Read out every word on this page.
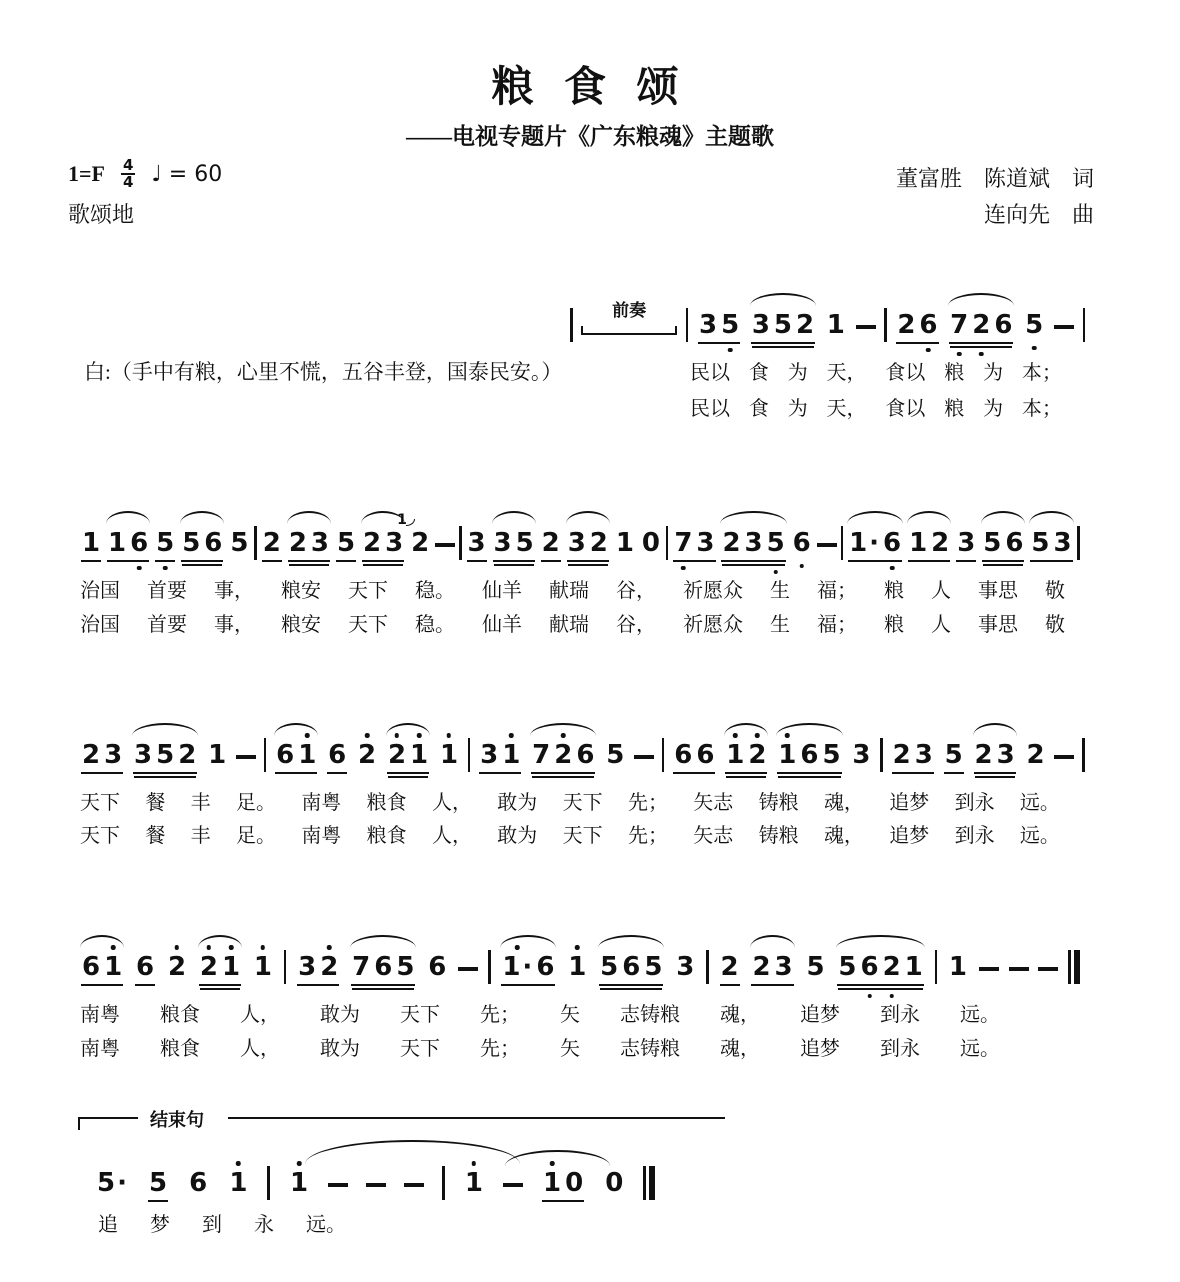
粮 食 颂
——电视专题片《广东粮魂》主题歌
$1=F \frac{4}{4}$ ♩ = 60
歌颂地
董富胜　陈道斌　词
连向先　曲
白:（手中有粮，心里不慌，五谷丰登，国泰民安。）
结束句
前奏 3 5 3 5 2 1 2 6 7 2 6 5
1 1 6 5 5 6 5 2 2 3 5 2 3
1
2 3 3 5 2 3 2 1 0 7 3 2 3 5 6 1 · 6 1 2 3 5 6 5 3
2 3 3 5 2 1 6 1 6 2 2 1 1 3 1 7 2 6 5 6 6 1 2 1 6 5 3 2 3 5 2 3 2
6 1 6 2 2 1 1 3 2 7 6 5 6 1 · 6 1 5 6 5 3 2 2 3 5 5 6 2 1 1
5 · 5 6 1 1	1 1 0 0
民以 食 为 天， 食以 粮 为 本；
民以 食 为 天， 食以 粮 为 本；
治国 首要 事， 粮安 天下 稳。 仙羊 献瑞 谷， 祈愿众 生 福； 粮 人 事思 敬
治国 首要 事， 粮安 天下 稳。 仙羊 献瑞 谷， 祈愿众 生 福； 粮 人 事思 敬
天下 餐 丰 足。 南粤 粮食 人， 敢为 天下 先； 矢志 铸粮 魂， 追梦 到永 远。
天下 餐 丰 足。 南粤 粮食 人， 敢为 天下 先； 矢志 铸粮 魂， 追梦 到永 远。
南粤 粮食 人， 敢为 天下 先； 矢 志铸粮 魂， 追梦 到永 远。
南粤 粮食 人， 敢为 天下 先； 矢 志铸粮 魂， 追梦 到永 远。
追 梦 到 永 远。
